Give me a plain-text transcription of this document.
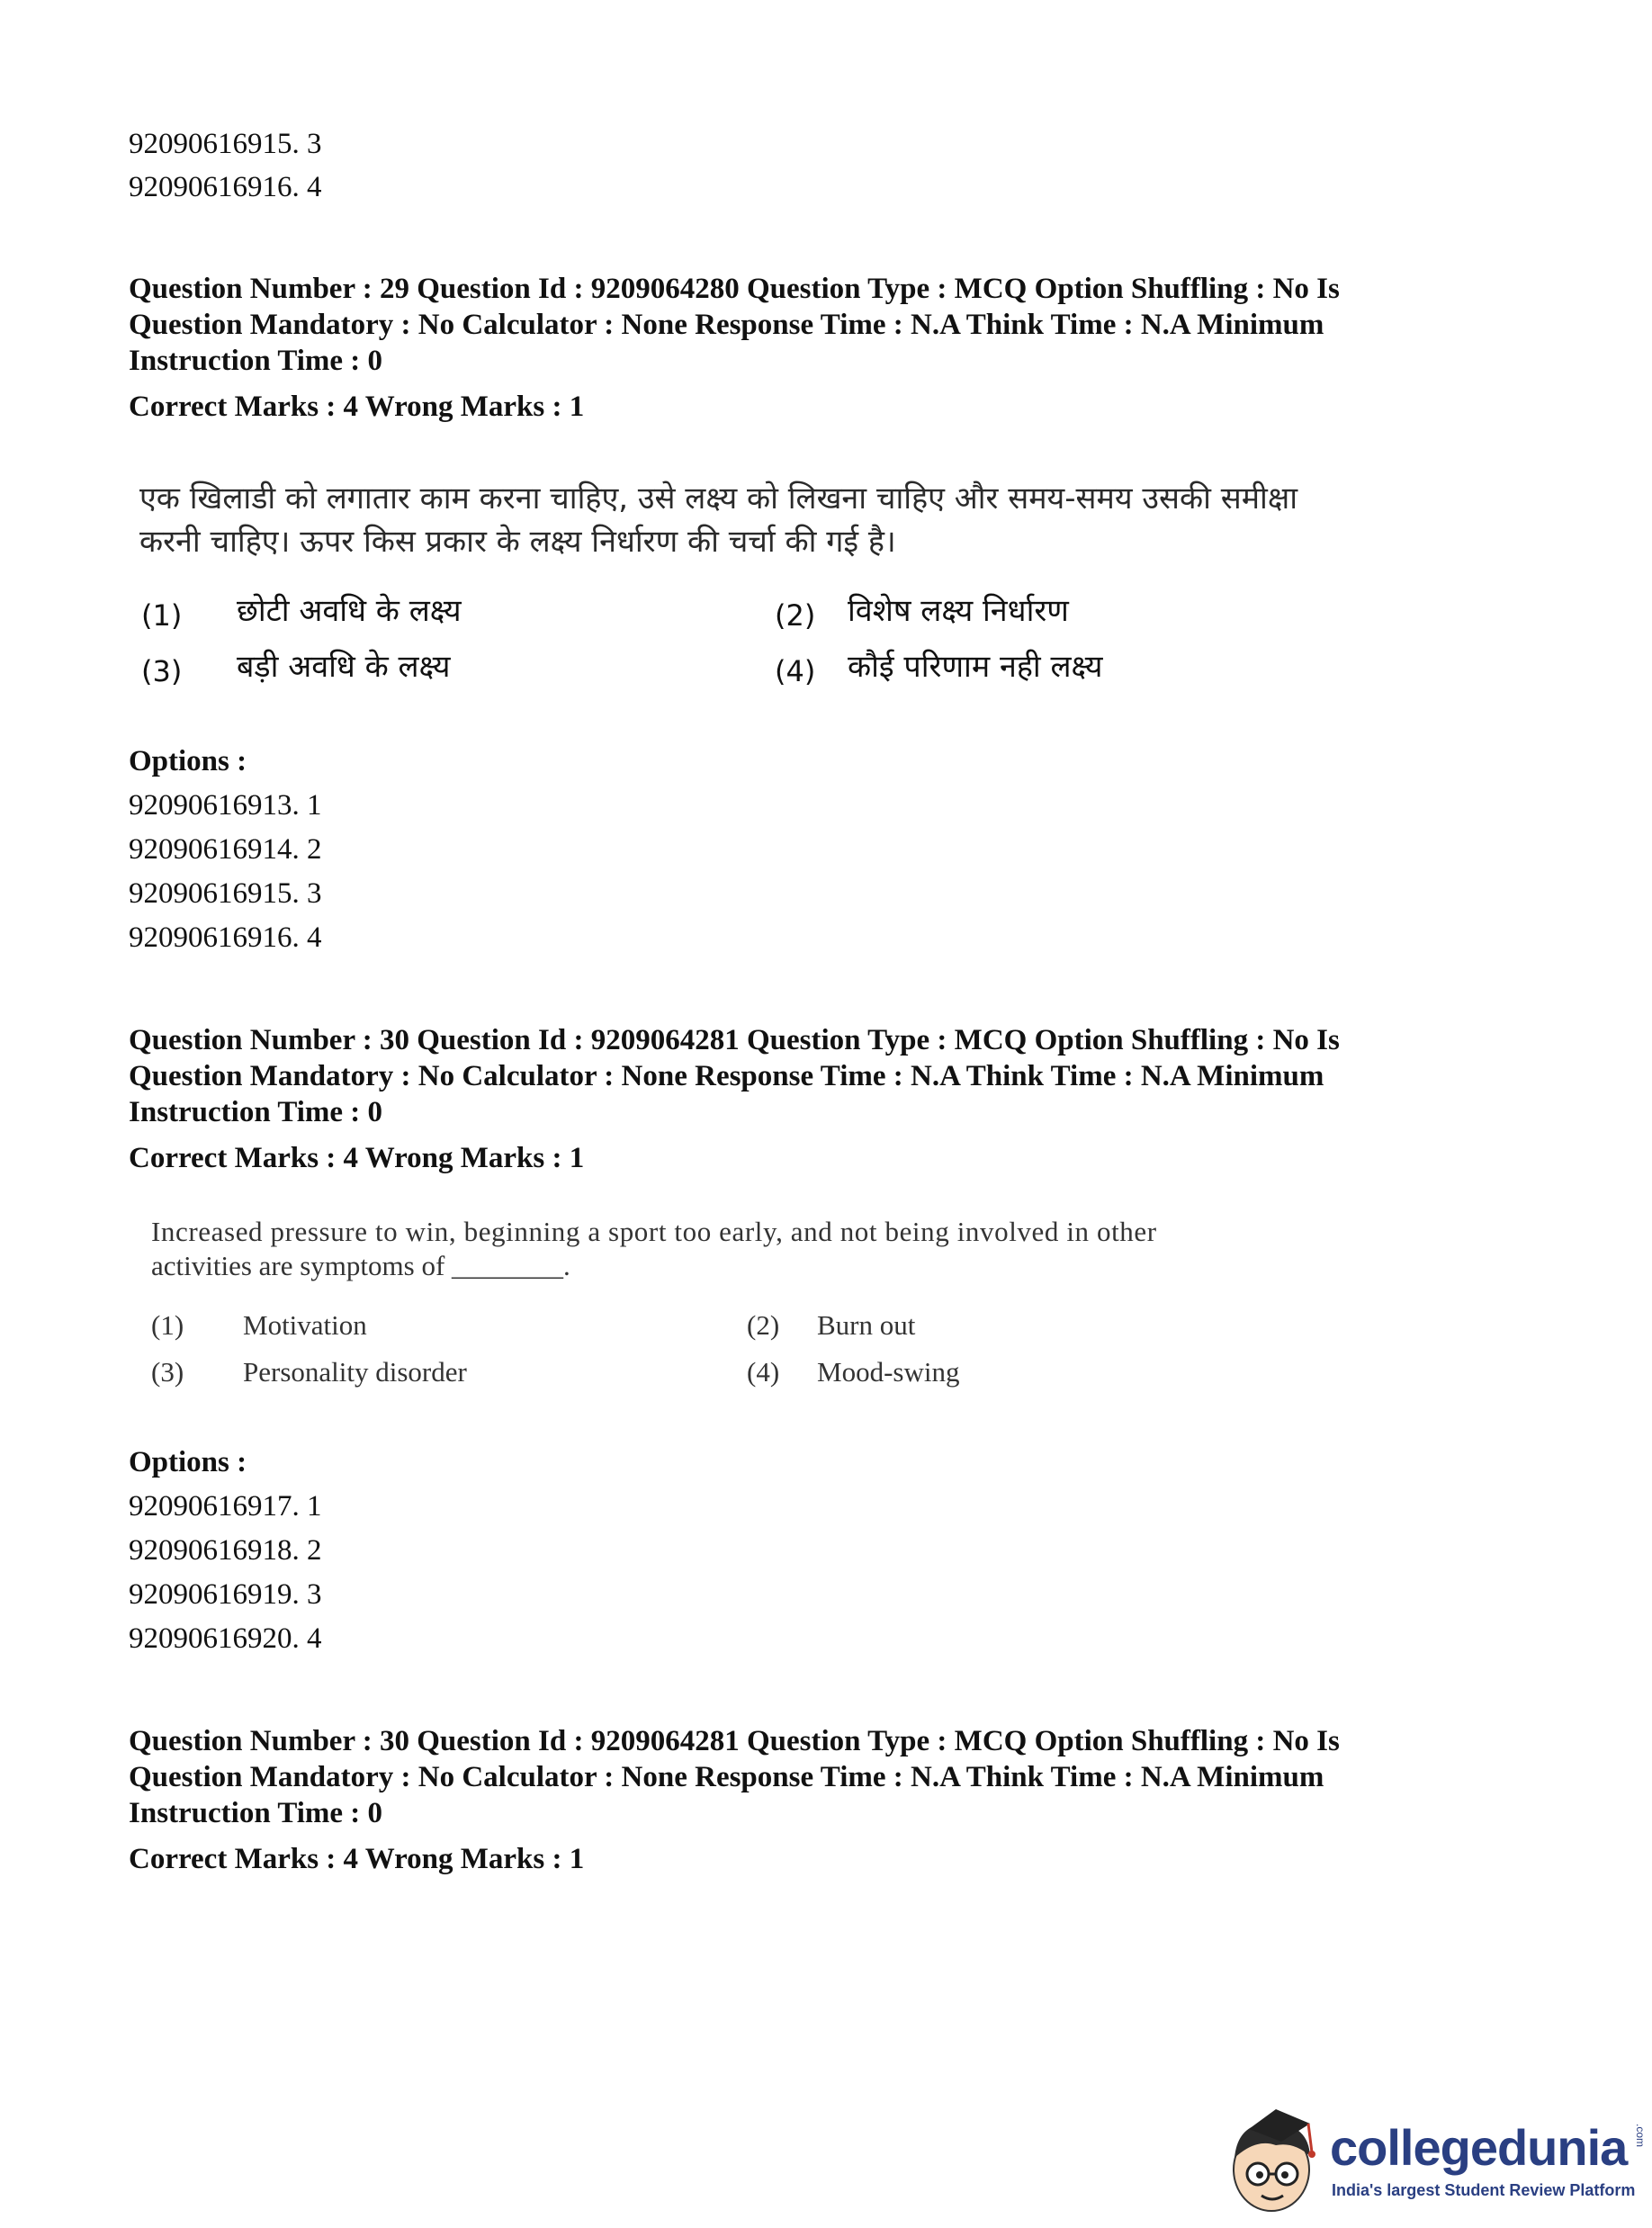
92090616915. 3
92090616916. 4
Question Number : 29 Question Id : 9209064280 Question Type : MCQ Option Shuffling : No Is Question Mandatory : No Calculator : None Response Time : N.A Think Time : N.A Minimum Instruction Time : 0
Correct Marks : 4 Wrong Marks : 1
एक खिलाडी को लगातार काम करना चाहिए, उसे लक्ष्य को लिखना चाहिए और समय-समय उसकी समीक्षा
करनी चाहिए। ऊपर किस प्रकार के लक्ष्य निर्धारण की चर्चा की गई है।
(1) छोटी अवधि के लक्ष्य	(2) विशेष लक्ष्य निर्धारण
(3) बड़ी अवधि के लक्ष्य	(4) कौई परिणाम नही लक्ष्य
Options :
92090616913. 1
92090616914. 2
92090616915. 3
92090616916. 4
Question Number : 30 Question Id : 9209064281 Question Type : MCQ Option Shuffling : No Is Question Mandatory : No Calculator : None Response Time : N.A Think Time : N.A Minimum Instruction Time : 0
Correct Marks : 4 Wrong Marks : 1
Increased pressure to win, beginning a sport too early, and not being involved in other
activities are symptoms of ________.
(1) Motivation	(2) Burn out
(3) Personality disorder	(4) Mood-swing
Options :
92090616917. 1
92090616918. 2
92090616919. 3
92090616920. 4
Question Number : 30 Question Id : 9209064281 Question Type : MCQ Option Shuffling : No Is Question Mandatory : No Calculator : None Response Time : N.A Think Time : N.A Minimum Instruction Time : 0
Correct Marks : 4 Wrong Marks : 1
collegedunia .com
India's largest Student Review Platform
